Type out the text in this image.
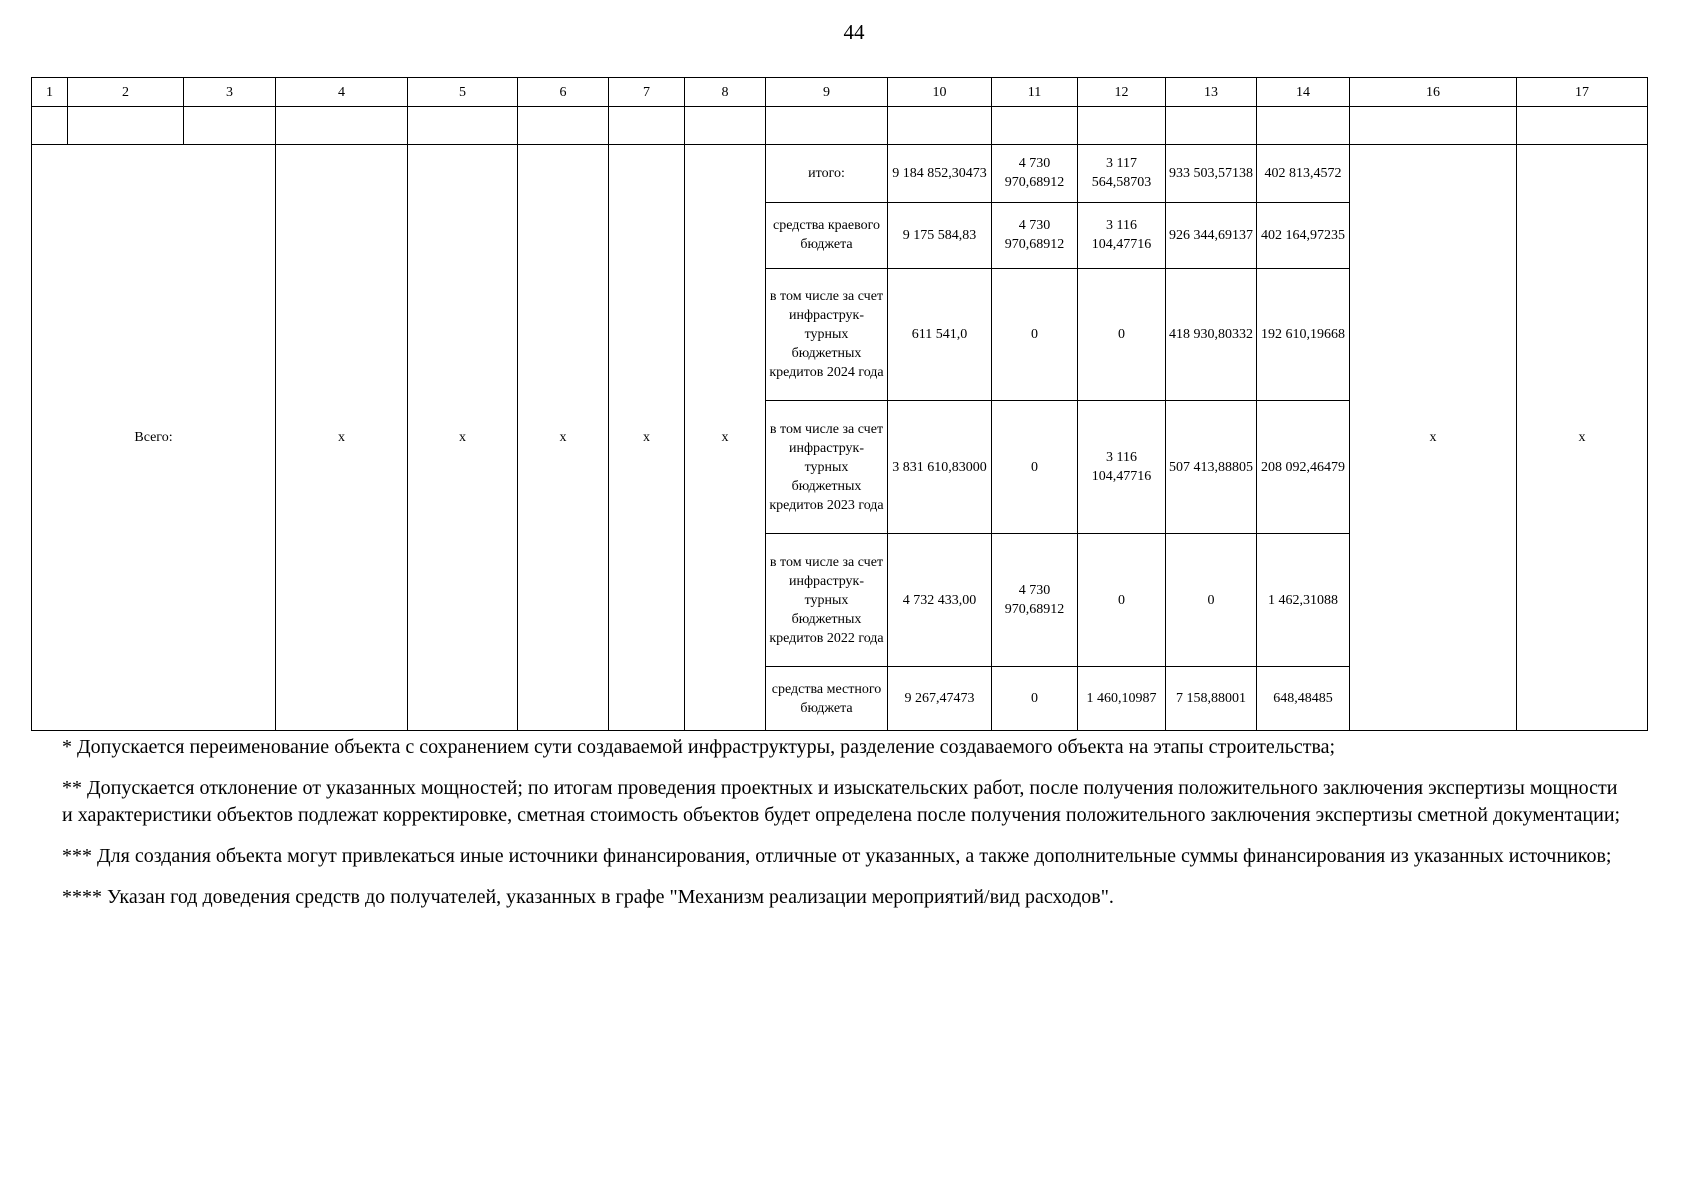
44
1	2	3	4	5	6	7	8	9	10	11	12	13	14	16	17

Всего:			х	х	х	х	х	итого:	9 184 852,30473	4 730 970,68912	3 117 564,58703	933 503,57138	402 813,4572	х	х
								средства краевого бюджета	9 175 584,83	4 730 970,68912	3 116 104,47716	926 344,69137	402 164,97235		
								в том числе за счет инфраструк-турных бюджетных кредитов 2024 года	611 541,0	0	0	418 930,80332	192 610,19668		
								в том числе за счет инфраструк-турных бюджетных кредитов 2023 года	3 831 610,83000	0	3 116 104,47716	507 413,88805	208 092,46479		
								в том числе за счет инфраструк-турных бюджетных кредитов 2022 года	4 732 433,00	4 730 970,68912	0	0	1 462,31088		
								средства местного бюджета	9 267,47473	0	1 460,10987	7 158,88001	648,48485		

* Допускается переименование объекта с сохранением сути создаваемой инфраструктуры, разделение создаваемого объекта на этапы строительства;

** Допускается отклонение от указанных мощностей; по итогам проведения проектных и изыскательских работ, после получения положительного заключения экспертизы мощности и характеристики объектов подлежат корректировке, сметная стоимость объектов будет определена после получения положительного заключения экспертизы сметной документации;

*** Для создания объекта могут привлекаться иные источники финансирования, отличные от указанных, а также дополнительные суммы финансирования из указанных источников;

**** Указан год доведения средств до получателей, указанных в графе "Механизм реализации мероприятий/вид расходов".
